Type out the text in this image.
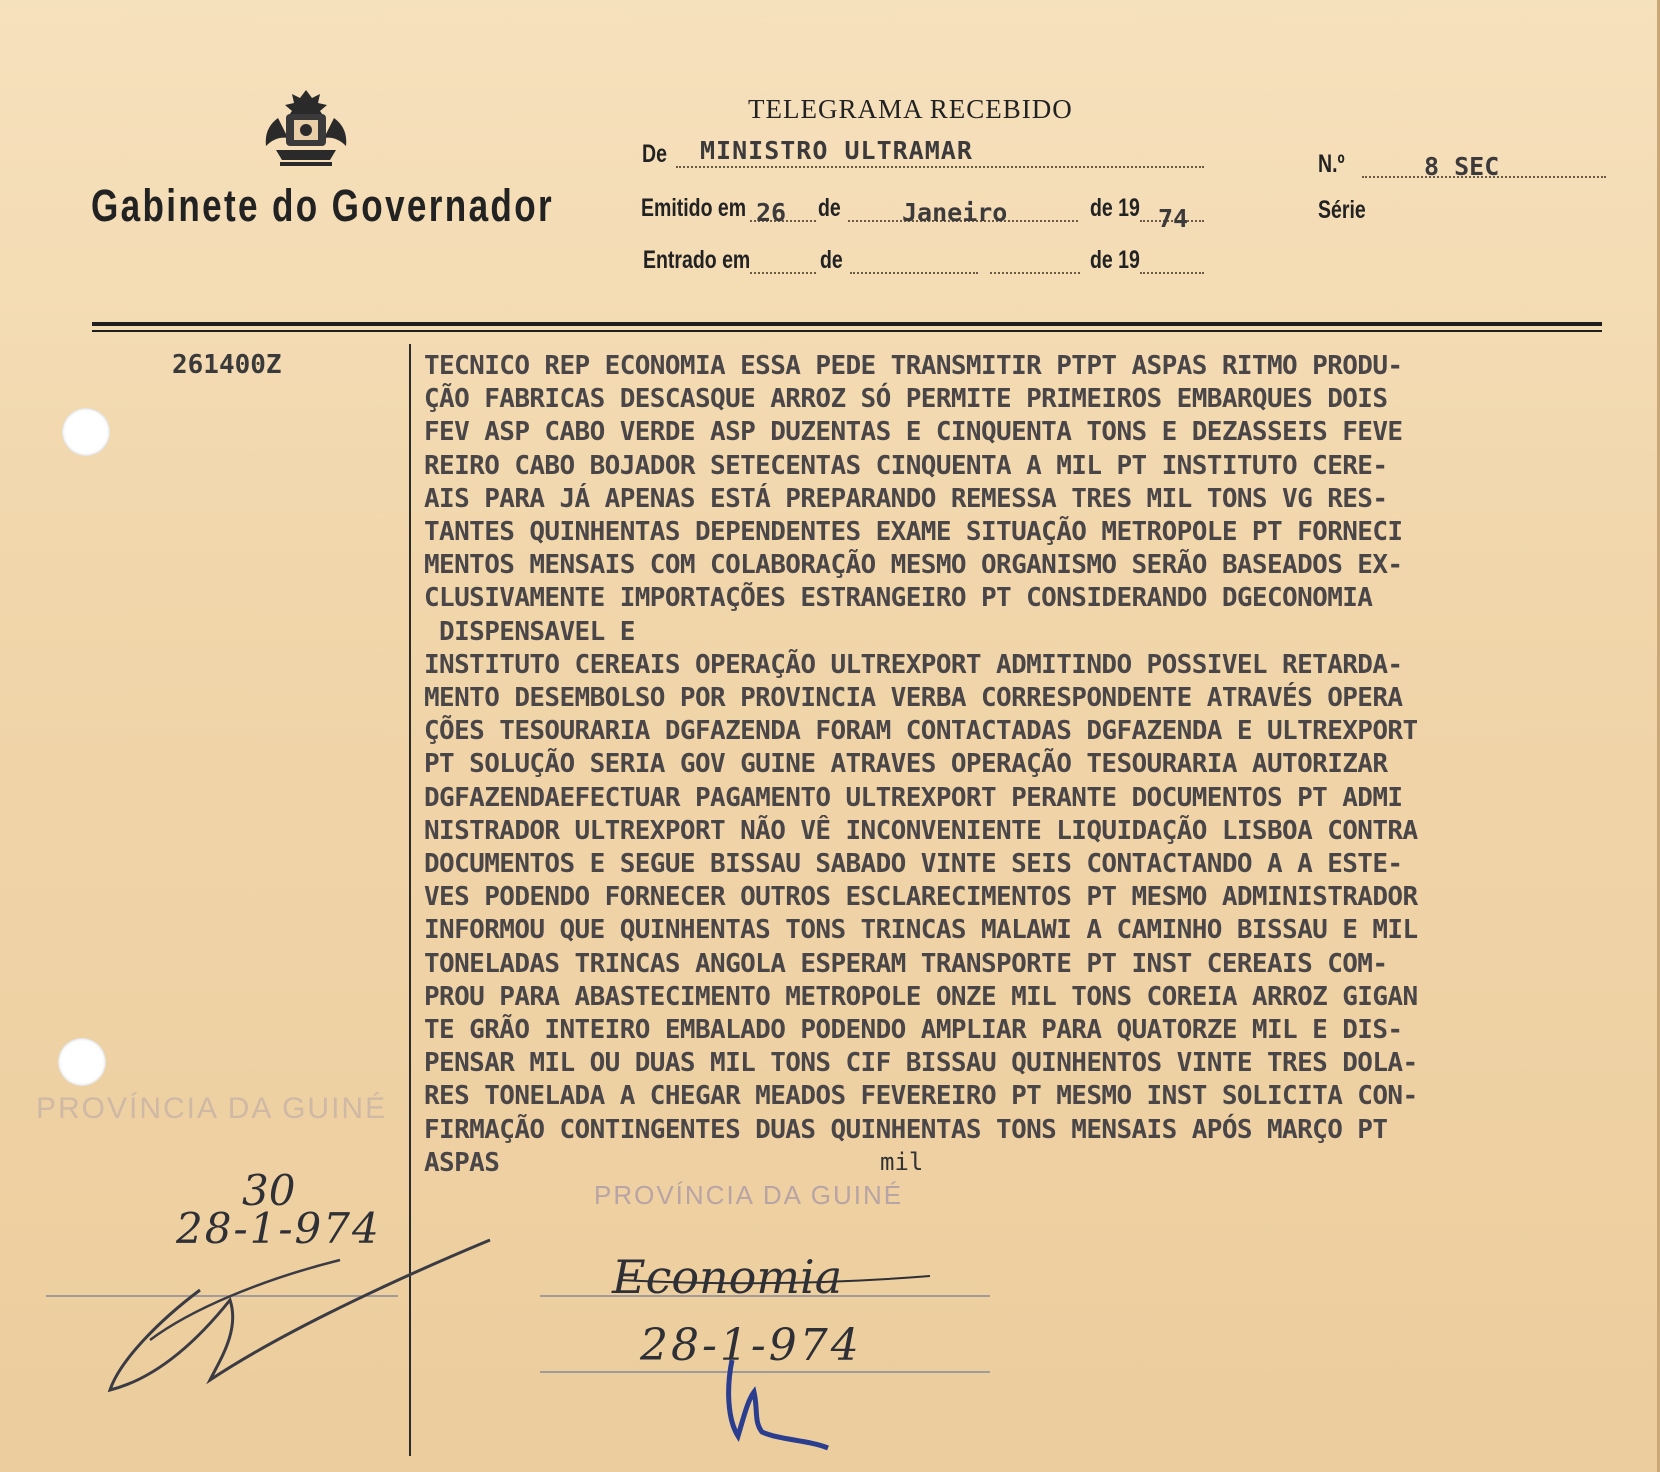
Gabinete do Governador
TELEGRAMA RECEBIDO
De MINISTRO ULTRAMAR	N.º	8 SEC
Emitido em 26 de Janeiro	de 19 74	Série
Entrado em	de	de 19
261400Z	TECNICO REP ECONOMIA ESSA PEDE TRANSMITIR PTPT ASPAS RITMO PRODU-
ÇÃO FABRICAS DESCASQUE ARROZ SÓ PERMITE PRIMEIROS EMBARQUES DOIS
FEV ASP CABO VERDE ASP DUZENTAS E CINQUENTA TONS E DEZASSEIS FEVE
REIRO CABO BOJADOR SETECENTAS CINQUENTA A MIL PT INSTITUTO CERE-
AIS PARA JÁ APENAS ESTÁ PREPARANDO REMESSA TRES MIL TONS VG RES-
TANTES QUINHENTAS DEPENDENTES EXAME SITUAÇÃO METROPOLE PT FORNECI
MENTOS MENSAIS COM COLABORAÇÃO MESMO ORGANISMO SERÃO BASEADOS EX-
CLUSIVAMENTE IMPORTAÇÕES ESTRANGEIRO PT CONSIDERANDO DGECONOMIA
DISPENSAVEL E
INSTITUTO CEREAIS OPERAÇÃO ULTREXPORT ADMITINDO POSSIVEL RETARDA-
MENTO DESEMBOLSO POR PROVINCIA VERBA CORRESPONDENTE ATRAVÉS OPERA
ÇÕES TESOURARIA DGFAZENDA FORAM CONTACTADAS DGFAZENDA E ULTREXPORT
PT SOLUÇÃO SERIA GOV GUINE ATRAVES OPERAÇÃO TESOURARIA AUTORIZAR
DGFAZENDAEFECTUAR PAGAMENTO ULTREXPORT PERANTE DOCUMENTOS PT ADMI
NISTRADOR ULTREXPORT NÃO VÊ INCONVENIENTE LIQUIDAÇÃO LISBOA CONTRA
DOCUMENTOS E SEGUE BISSAU SABADO VINTE SEIS CONTACTANDO A A ESTE-
VES PODENDO FORNECER OUTROS ESCLARECIMENTOS PT MESMO ADMINISTRADOR
INFORMOU QUE QUINHENTAS TONS TRINCAS MALAWI A CAMINHO BISSAU E MIL
TONELADAS TRINCAS ANGOLA ESPERAM TRANSPORTE PT INST CEREAIS COM-
PROU PARA ABASTECIMENTO METROPOLE ONZE MIL TONS COREIA ARROZ GIGAN
TE GRÃO INTEIRO EMBALADO PODENDO AMPLIAR PARA QUATORZE MIL E DIS-
PENSAR MIL OU DUAS MIL TONS CIF BISSAU QUINHENTOS VINTE TRES DOLA-
RES TONELADA A CHEGAR MEADOS FEVEREIRO PT MESMO INST SOLICITA CON-
FIRMAÇÃO CONTINGENTES DUAS QUINHENTAS TONS MENSAIS APÓS MARÇO PT
ASPAS	mil
PROVÍNCIA DA GUINÉ
PROVÍNCIA DA GUINÉ
30
28-1-974
Economia
28-1-974
